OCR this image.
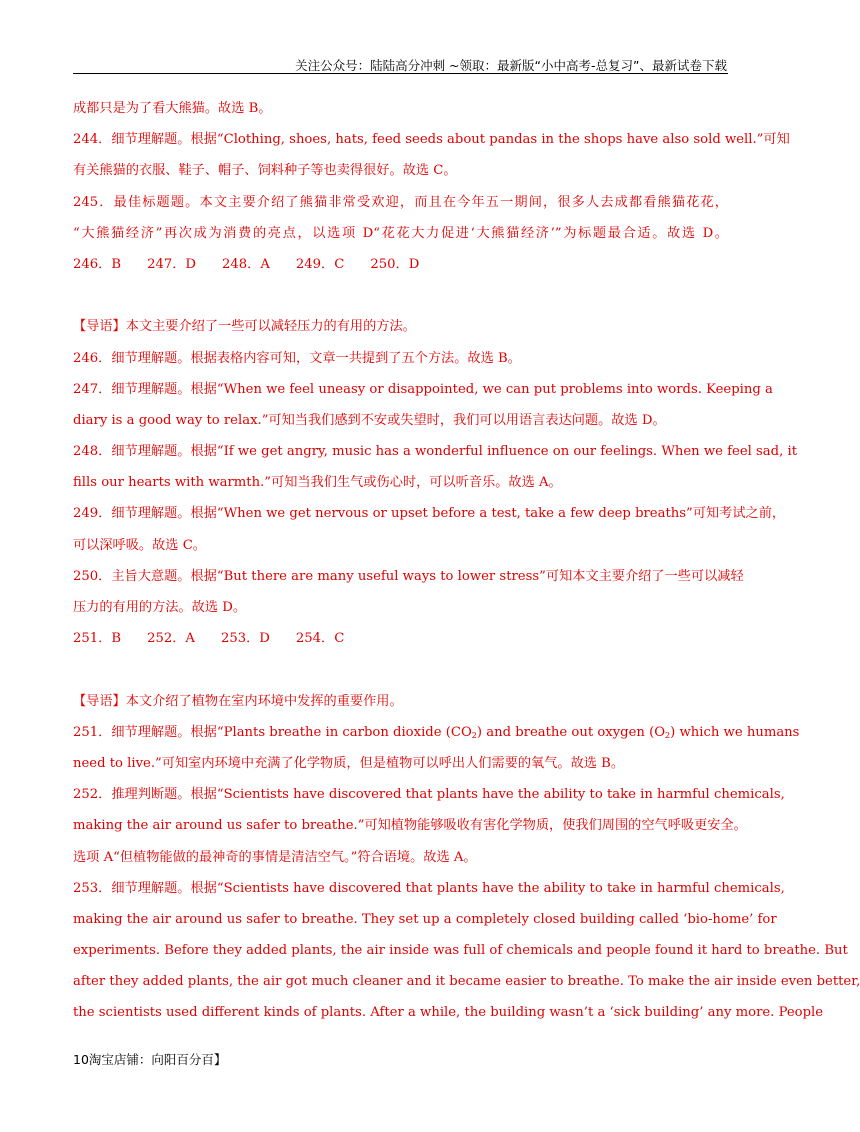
关注公众号：陆陆高分冲刺 ~领取：最新版“小中高考-总复习”、最新试卷下载
成都只是为了看大熊猫。故选 B。
244．细节理解题。根据“Clothing, shoes, hats, feed seeds about pandas in the shops have also sold well.”可知
有关熊猫的衣服、鞋子、帽子、饲料种子等也卖得很好。故选 C。
245．最佳标题题。本文主要介绍了熊猫非常受欢迎，而且在今年五一期间，很多人去成都看熊猫花花，
“大熊猫经济”再次成为消费的亮点，以选项 D“花花大力促进‘大熊猫经济’”为标题最合适。故选 D。
246．B 247．D 248．A 249．C 250．D
【导语】本文主要介绍了一些可以减轻压力的有用的方法。
246．细节理解题。根据表格内容可知，文章一共提到了五个方法。故选 B。
247．细节理解题。根据“When we feel uneasy or disappointed, we can put problems into words. Keeping a
diary is a good way to relax.”可知当我们感到不安或失望时，我们可以用语言表达问题。故选 D。
248．细节理解题。根据“If we get angry, music has a wonderful influence on our feelings. When we feel sad, it
fills our hearts with warmth.”可知当我们生气或伤心时，可以听音乐。故选 A。
249．细节理解题。根据“When we get nervous or upset before a test, take a few deep breaths”可知考试之前，
可以深呼吸。故选 C。
250．主旨大意题。根据“But there are many useful ways to lower stress”可知本文主要介绍了一些可以减轻
压力的有用的方法。故选 D。
251．B 252．A 253．D 254．C
【导语】本文介绍了植物在室内环境中发挥的重要作用。
251．细节理解题。根据“Plants breathe in carbon dioxide $(CO_2)$ and breathe out oxygen $(O_2)$ which we humans
need to live.”可知室内环境中充满了化学物质，但是植物可以呼出人们需要的氧气。故选 B。
252．推理判断题。根据“Scientists have discovered that plants have the ability to take in harmful chemicals,
making the air around us safer to breathe.”可知植物能够吸收有害化学物质，使我们周围的空气呼吸更安全。
选项 A“但植物能做的最神奇的事情是清洁空气。”符合语境。故选 A。
253．细节理解题。根据“Scientists have discovered that plants have the ability to take in harmful chemicals,
making the air around us safer to breathe. They set up a completely closed building called ‘bio-home’ for
experiments. Before they added plants, the air inside was full of chemicals and people found it hard to breathe. But
after they added plants, the air got much cleaner and it became easier to breathe. To make the air inside even better,
the scientists used different kinds of plants. After a while, the building wasn’t a ‘sick building’ any more. People
10淘宝店铺：向阳百分百】
